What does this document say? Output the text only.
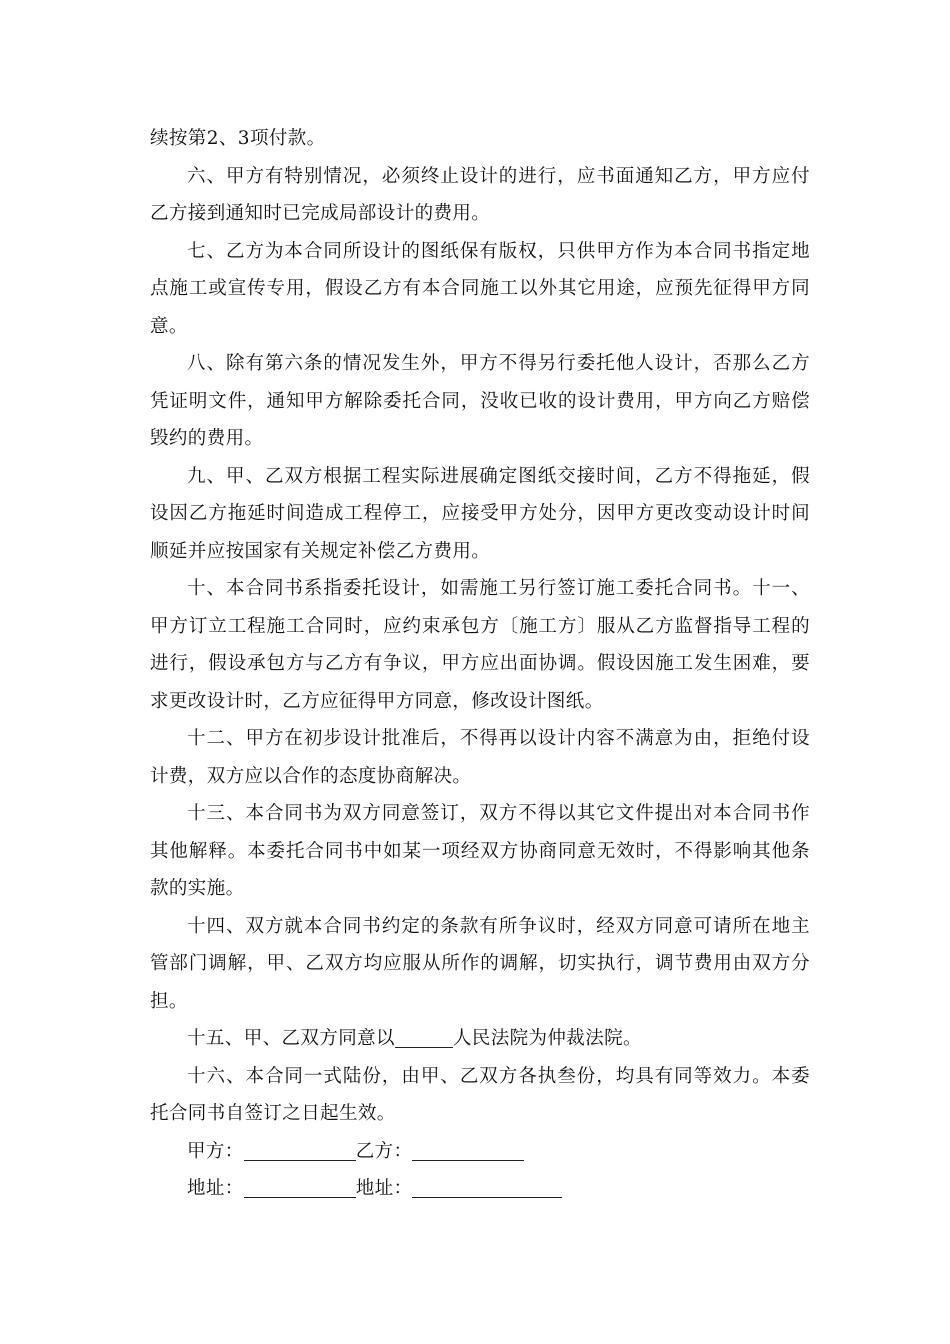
续按第2、3项付款。

六、甲方有特别情况，必须终止设计的进行，应书面通知乙方，甲方应付乙方接到通知时已完成局部设计的费用。

七、乙方为本合同所设计的图纸保有版权，只供甲方作为本合同书指定地点施工或宣传专用，假设乙方有本合同施工以外其它用途，应预先征得甲方同意。

八、除有第六条的情况发生外，甲方不得另行委托他人设计，否那么乙方凭证明文件，通知甲方解除委托合同，没收已收的设计费用，甲方向乙方赔偿毁约的费用。

九、甲、乙双方根据工程实际进展确定图纸交接时间，乙方不得拖延，假设因乙方拖延时间造成工程停工，应接受甲方处分，因甲方更改变动设计时间顺延并应按国家有关规定补偿乙方费用。

十、本合同书系指委托设计，如需施工另行签订施工委托合同书。十一、甲方订立工程施工合同时，应约束承包方〔施工方〕服从乙方监督指导工程的进行，假设承包方与乙方有争议，甲方应出面协调。假设因施工发生困难，要求更改设计时，乙方应征得甲方同意，修改设计图纸。

十二、甲方在初步设计批准后，不得再以设计内容不满意为由，拒绝付设计费，双方应以合作的态度协商解决。

十三、本合同书为双方同意签订，双方不得以其它文件提出对本合同书作其他解释。本委托合同书中如某一项经双方协商同意无效时，不得影响其他条款的实施。

十四、双方就本合同书约定的条款有所争议时，经双方同意可请所在地主管部门调解，甲、乙双方均应服从所作的调解，切实执行，调节费用由双方分担。

十五、甲、乙双方同意以	人民法院为仲裁法院。

十六、本合同一式陆份，由甲、乙双方各执叁份，均具有同等效力。本委托合同书自签订之日起生效。

甲方：	乙方：

地址：	地址：
